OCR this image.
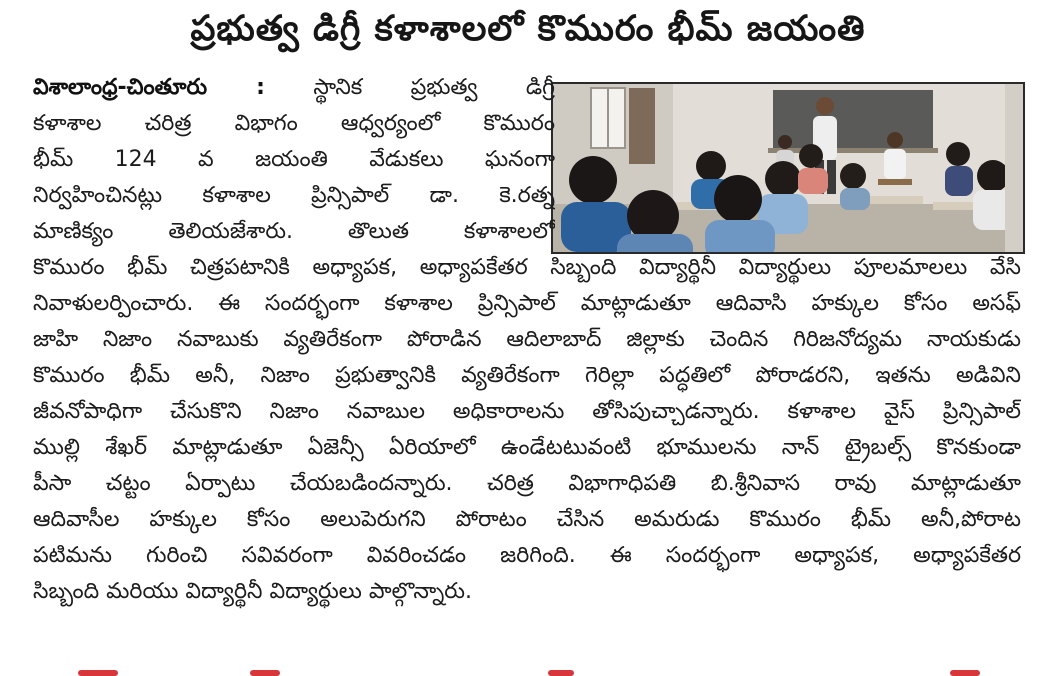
ప్రభుత్వ డిగ్రీ కళాశాలలో కొమురం భీమ్ జయంతి
విశాలాంధ్ర-చింతూరు : స్థానిక ప్రభుత్వ డిగ్రీ
కళాశాల చరిత్ర విభాగం ఆధ్వర్యంలో కొమురం
భీమ్ 124 వ జయంతి వేడుకలు ఘనంగా
నిర్వహించినట్లు కళాశాల ప్రిన్సిపాల్ డా. కె.రత్న
మాణిక్యం తెలియజేశారు. తొలుత కళాశాలలో
కొమురం భీమ్ చిత్రపటానికి అధ్యాపక, అధ్యాపకేతర సిబ్బంది విద్యార్థినీ విద్యార్థులు పూలమాలలు వేసి
నివాళులర్పించారు. ఈ సందర్భంగా కళాశాల ప్రిన్సిపాల్ మాట్లాడుతూ ఆదివాసి హక్కుల కోసం అసఫ్
జాహి నిజాం నవాబుకు వ్యతిరేకంగా పోరాడిన ఆదిలాబాద్ జిల్లాకు చెందిన గిరిజనోద్యమ నాయకుడు
కొమురం భీమ్ అనీ, నిజాం ప్రభుత్వానికి వ్యతిరేకంగా గెరిల్లా పద్ధతిలో పోరాడరని, ఇతను అడివిని
జీవనోపాధిగా చేసుకొని నిజాం నవాబుల అధికారాలను తోసిపుచ్చాడన్నారు. కళాశాల వైస్ ప్రిన్సిపాల్
ముల్లి శేఖర్ మాట్లాడుతూ ఏజెన్సీ ఏరియాలో ఉండేటటువంటి భూములను నాన్ ట్రైబల్స్ కొనకుండా
పీసా చట్టం ఏర్పాటు చేయబడిందన్నారు. చరిత్ర విభాగాధిపతి బి.శ్రీనివాస రావు మాట్లాడుతూ
ఆదివాసీల హక్కుల కోసం అలుపెరుగని పోరాటం చేసిన అమరుడు కొమురం భీమ్ అనీ,పోరాట
పటిమను గురించి సవివరంగా వివరించడం జరిగింది. ఈ సందర్భంగా అధ్యాపక, అధ్యాపకేతర
సిబ్బంది మరియు విద్యార్థినీ విద్యార్థులు పాల్గొన్నారు.
